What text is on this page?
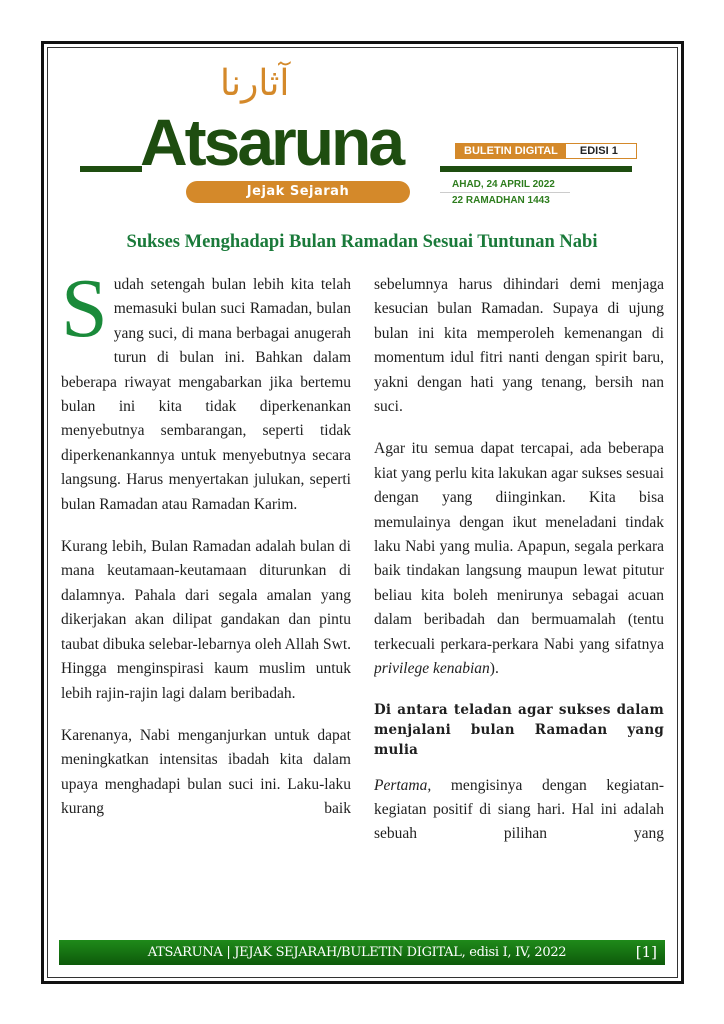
آثارنا
Atsaruna
Jejak Sejarah
BULETIN DIGITAL	EDISI 1
AHAD, 24 APRIL 2022
22 RAMADHAN 1443
Sukses Menghadapi Bulan Ramadan Sesuai Tuntunan Nabi

Sudah setengah bulan lebih kita telah memasuki bulan suci Ramadan, bulan yang suci, di mana berbagai anugerah turun di bulan ini. Bahkan dalam beberapa riwayat mengabarkan jika bertemu bulan ini kita tidak diperkenankan menyebutnya sembarangan, seperti tidak diperkenankannya untuk menyebutnya secara langsung. Harus menyertakan julukan, seperti bulan Ramadan atau Ramadan Karim.

Kurang lebih, Bulan Ramadan adalah bulan di mana keutamaan-keutamaan diturunkan di dalamnya. Pahala dari segala amalan yang dikerjakan akan dilipat gandakan dan pintu taubat dibuka selebar-lebarnya oleh Allah Swt. Hingga menginspirasi kaum muslim untuk lebih rajin-rajin lagi dalam beribadah.

Karenanya, Nabi menganjurkan untuk dapat meningkatkan intensitas ibadah kita dalam upaya menghadapi bulan suci ini. Laku-laku kurang baik

sebelumnya harus dihindari demi menjaga kesucian bulan Ramadan. Supaya di ujung bulan ini kita memperoleh kemenangan di momentum idul fitri nanti dengan spirit baru, yakni dengan hati yang tenang, bersih nan suci.

Agar itu semua dapat tercapai, ada beberapa kiat yang perlu kita lakukan agar sukses sesuai dengan yang diinginkan. Kita bisa memulainya dengan ikut meneladani tindak laku Nabi yang mulia. Apapun, segala perkara baik tindakan langsung maupun lewat pitutur beliau kita boleh menirunya sebagai acuan dalam beribadah dan bermuamalah (tentu terkecuali perkara-perkara Nabi yang sifatnya privilege kenabian).

Di antara teladan agar sukses dalam menjalani bulan Ramadan yang mulia

Pertama, mengisinya dengan kegiatan-kegiatan positif di siang hari. Hal ini adalah sebuah pilihan yang

ATSARUNA | JEJAK SEJARAH/BULETIN DIGITAL, edisi I, IV, 2022	[1]
